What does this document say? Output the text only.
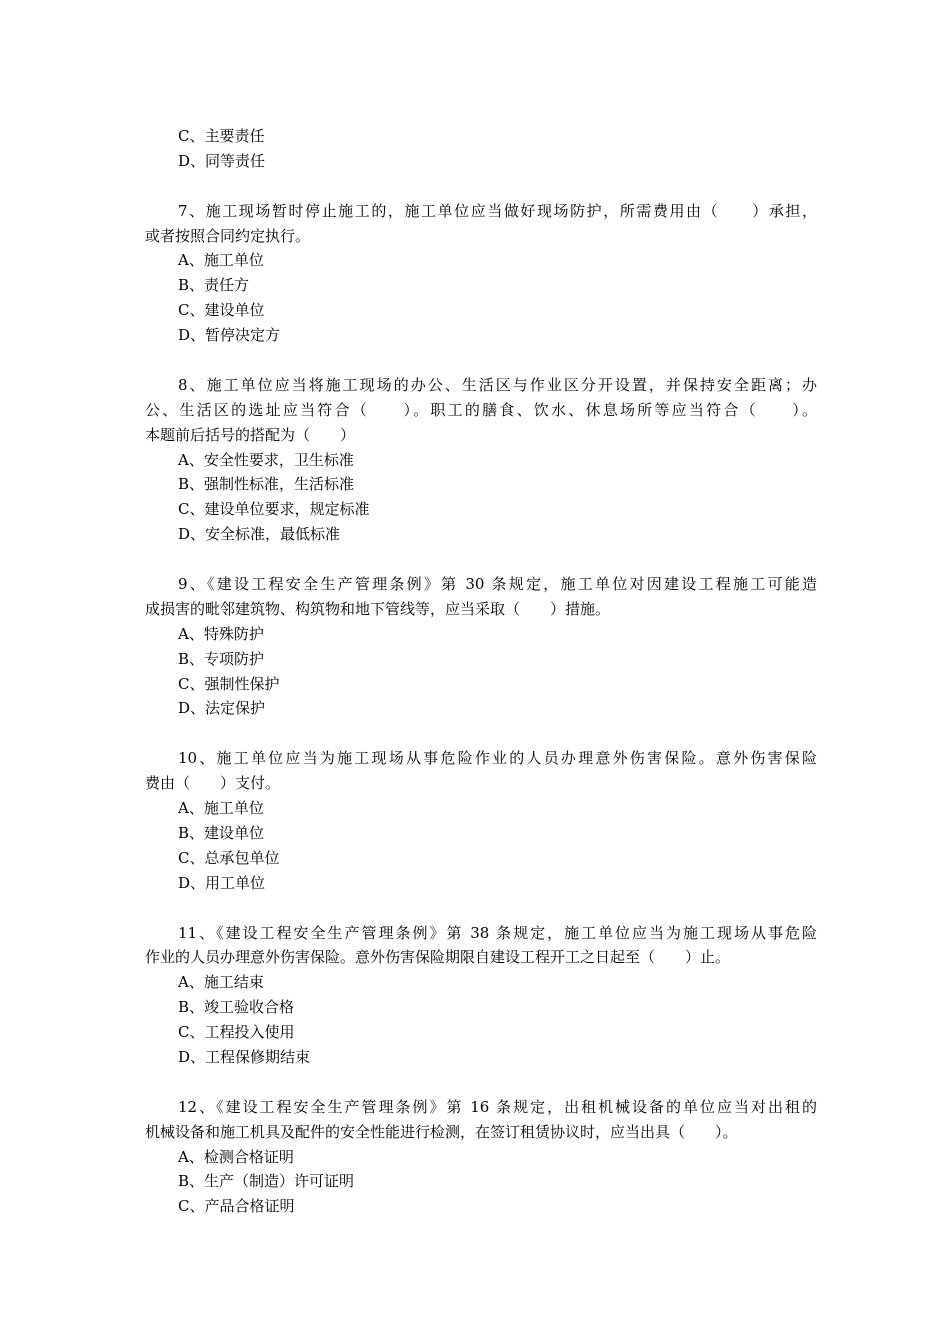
C、主要责任
D、同等责任
7、施工现场暂时停止施工的，施工单位应当做好现场防护，所需费用由（　　）承担，
或者按照合同约定执行。
A、施工单位
B、责任方
C、建设单位
D、暂停决定方
8、施工单位应当将施工现场的办公、生活区与作业区分开设置，并保持安全距离；办
公、生活区的选址应当符合（　　）。职工的膳食、饮水、休息场所等应当符合（　　）。
本题前后括号的搭配为（　　）
A、安全性要求，卫生标准
B、强制性标准，生活标准
C、建设单位要求，规定标准
D、安全标准，最低标准
9、《建设工程安全生产管理条例》第 30 条规定，施工单位对因建设工程施工可能造
成损害的毗邻建筑物、构筑物和地下管线等，应当采取（　　）措施。
A、特殊防护
B、专项防护
C、强制性保护
D、法定保护
10、施工单位应当为施工现场从事危险作业的人员办理意外伤害保险。意外伤害保险
费由（　　）支付。
A、施工单位
B、建设单位
C、总承包单位
D、用工单位
11、《建设工程安全生产管理条例》第 38 条规定，施工单位应当为施工现场从事危险
作业的人员办理意外伤害保险。意外伤害保险期限自建设工程开工之日起至（　　）止。
A、施工结束
B、竣工验收合格
C、工程投入使用
D、工程保修期结束
12、《建设工程安全生产管理条例》第 16 条规定，出租机械设备的单位应当对出租的
机械设备和施工机具及配件的安全性能进行检测，在签订租赁协议时，应当出具（　　）。
A、检测合格证明
B、生产（制造）许可证明
C、产品合格证明
